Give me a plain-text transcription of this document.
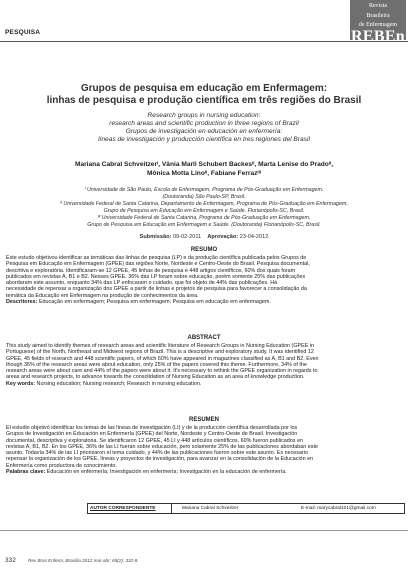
PESQUISA
Revista
Brasileira
de Enfermagem
REBEn
Grupos de pesquisa em educação em Enfermagem:
linhas de pesquisa e produção científica em três regiões do Brasil
Research groups in nursing education:
research areas and scientific production in three regions of Brazil
Grupos de investigación en educación en enfermería:
líneas de investigación y producción científica en tres regiones del Brasil
Mariana Cabral Schveitzerᴵ, Vânia Marli Schubert Backesᴵᴵ, Marta Lenise do Pradoᴵᴵ,
Mônica Motta Linoᴵᴵ, Fabiane Ferrazᴵᴵᴵ
ᴵ Universidade de São Paulo, Escola de Enfermagem, Programa de Pós-Graduação em Enfermagem.
(Doutoranda) São Paulo-SP, Brasil.
ᴵᴵ Universidade Federal de Santa Catarina, Departamento de Enfermagem, Programa de Pós-Graduação em Enfermagem,
Grupo de Pesquisa em Educação em Enfermagem e Saúde. Florianópolis-SC, Brasil.
ᴵᴵᴵ Universidade Federal de Santa Catarina, Programa de Pós-Graduação em Enfermagem,
Grupo de Pesquisa em Educação em Enfermagem e Saúde. (Doutoranda) Florianópolis-SC, Brasil.
Submissão: 09-02-2011 Aprovação: 23-04-2012
RESUMO
Este estudo objetivou identificar as temáticas das linhas de pesquisa (LP) e da produção científica publicada pelos Grupos de
Pesquisa em Educação em Enfermagem (GPEE) das regiões Norte, Nordeste e Centro-Oeste do Brasil. Pesquisa documental,
descritiva e exploratória. Identificaram-se 12 GPEE, 45 linhas de pesquisa e 448 artigos científicos, 60% dos quais foram
publicados em revistas A, B1 e B2. Nesses GPEE, 36% das LP foram sobre educação, porém somente 25% das publicações
abordaram este assunto, enquanto 34% das LP enfocaram o cuidado, que foi objeto de 44% das publicações. Há
necessidade de repensar a organização dos GPEE a partir de linhas e projetos de pesquisa para favorecer a consolidação da
temática da Educação em Enfermagem na produção de conhecimentos da área.
Descritores: Educação em enfermagem; Pesquisa em enfermagem; Pesquisa em educação em enfermagem.
ABSTRACT
This study aimed to identify themes of research areas and scientific literature of Research Groups in Nursing Education (GPEE in
Portuguese) of the North, Northeast and Midwest regions of Brazil. This is a descriptive and exploratory study. It was identified 12
GPEE, 45 fields of research and 448 scientific papers, of which 60% have appeared in magazines classified as A, B1 and B2. Even
though 36% of the research areas were about education, only 25% of the papers covered this theme. Furthermore, 34% of the
research areas were about care and 44% of the papers were about it. It's necessary to rethink the GPEE organization in regards to
areas and research projects, to advance towards the consolidation of Nursing Education as an area of knowledge production.
Key words: Nursing education; Nursing research; Research in nursing education.
RESUMEN
El estudio objetivó identificar los temas de las líneas de investigación (LI) y de la producción científica desarrollada por los
Grupos de Investigación en Educación en Enfermería (GPEE) del Norte, Nordeste y Centro-Oeste de Brasil. Investigación
documental, descriptiva y exploratoria. Se identificaron 12 GPEE, 45 LI y 448 artículos científicos, 60% fueron publicados en
revistas A, B1, B2. En los GPEE, 36% de las LI fueran sobre educación, pero solamente 25% de las publicaciones abordaban este
asunto. Todavía 34% de las LI priorizaron el tema cuidado, y 44% de las publicaciones fueron sobre este asunto. Es necesario
repensar la organización de los GPEE, líneas y proyectos de investigación, para avanzar en la consolidación de la Educación en
Enfermería como productora de conocimiento.
Palabras clave: Educación en enfermería; Investigación en enfermería; Investigación en la educación de enfermería.
AUTOR CORRESPONDENTE	Mariana Cabral Schveitzer	E-mail: marycabral101@gmail.com
332	Rev Bras Enferm, Brasília 2012 mar-abr; 65(2): 332-8.
